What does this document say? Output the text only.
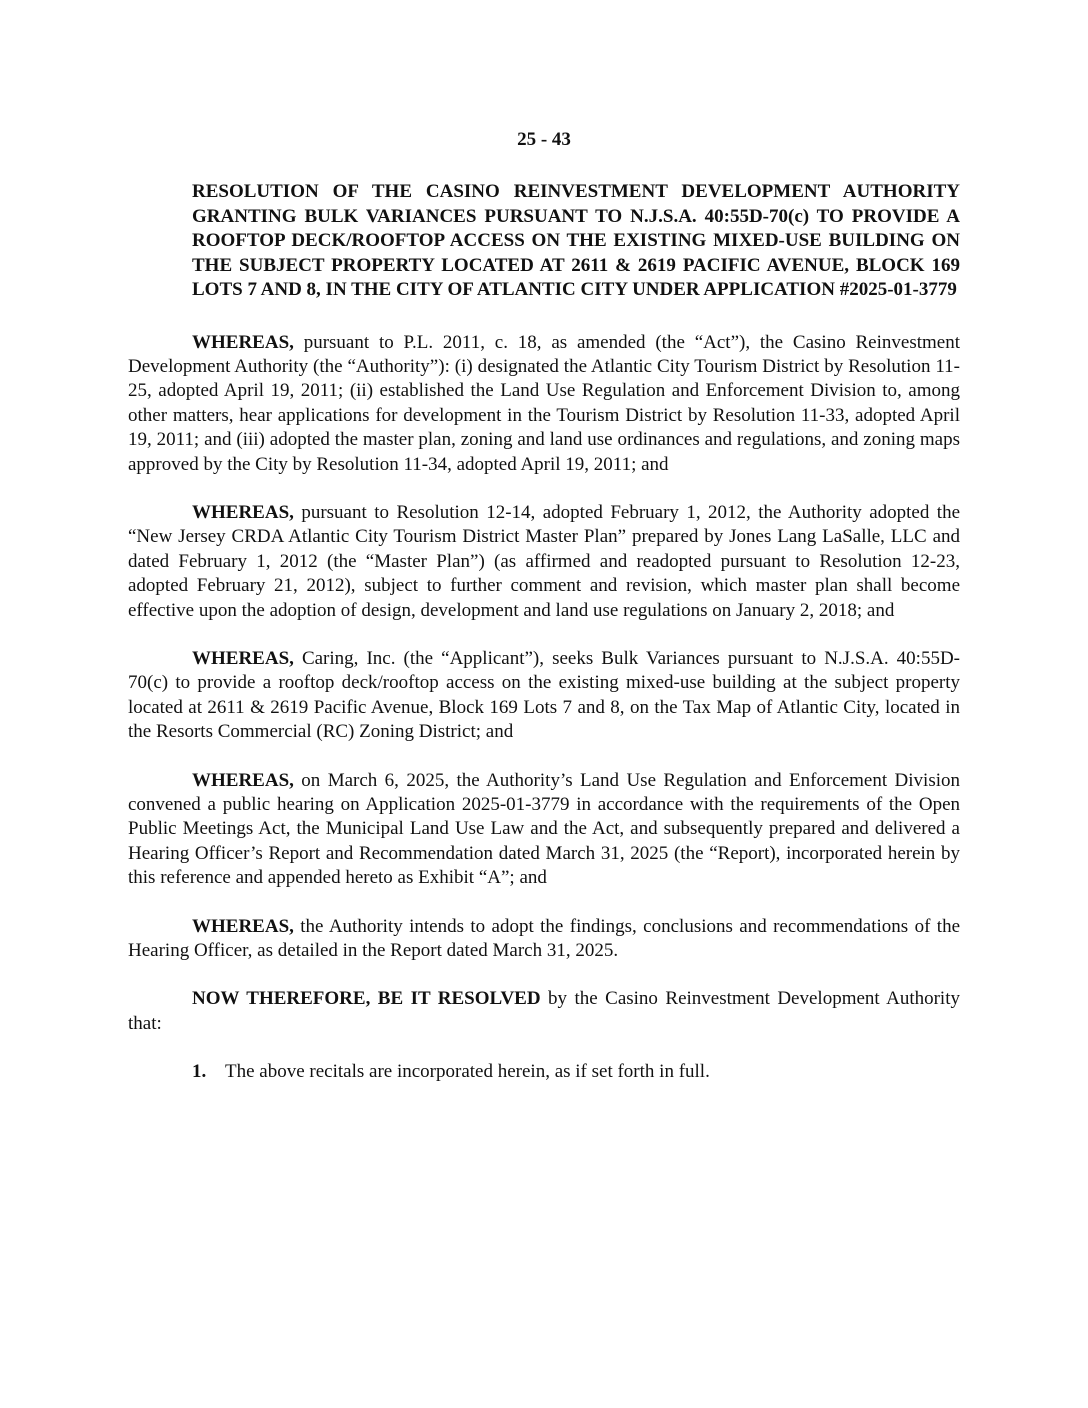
25 - 43
RESOLUTION OF THE CASINO REINVESTMENT DEVELOPMENT AUTHORITY GRANTING BULK VARIANCES PURSUANT TO N.J.S.A. 40:55D-70(c) TO PROVIDE A ROOFTOP DECK/ROOFTOP ACCESS ON THE EXISTING MIXED-USE BUILDING ON THE SUBJECT PROPERTY LOCATED AT 2611 & 2619 PACIFIC AVENUE, BLOCK 169 LOTS 7 AND 8, IN THE CITY OF ATLANTIC CITY UNDER APPLICATION #2025-01-3779

WHEREAS, pursuant to P.L. 2011, c. 18, as amended (the “Act”), the Casino Reinvestment Development Authority (the “Authority”): (i) designated the Atlantic City Tourism District by Resolution 11-25, adopted April 19, 2011; (ii) established the Land Use Regulation and Enforcement Division to, among other matters, hear applications for development in the Tourism District by Resolution 11-33, adopted April 19, 2011; and (iii) adopted the master plan, zoning and land use ordinances and regulations, and zoning maps approved by the City by Resolution 11-34, adopted April 19, 2011; and

WHEREAS, pursuant to Resolution 12-14, adopted February 1, 2012, the Authority adopted the “New Jersey CRDA Atlantic City Tourism District Master Plan” prepared by Jones Lang LaSalle, LLC and dated February 1, 2012 (the “Master Plan”) (as affirmed and readopted pursuant to Resolution 12-23, adopted February 21, 2012), subject to further comment and revision, which master plan shall become effective upon the adoption of design, development and land use regulations on January 2, 2018; and

WHEREAS, Caring, Inc. (the “Applicant”), seeks Bulk Variances pursuant to N.J.S.A. 40:55D-70(c) to provide a rooftop deck/rooftop access on the existing mixed-use building at the subject property located at 2611 & 2619 Pacific Avenue, Block 169 Lots 7 and 8, on the Tax Map of Atlantic City, located in the Resorts Commercial (RC) Zoning District; and

WHEREAS, on March 6, 2025, the Authority’s Land Use Regulation and Enforcement Division convened a public hearing on Application 2025-01-3779 in accordance with the requirements of the Open Public Meetings Act, the Municipal Land Use Law and the Act, and subsequently prepared and delivered a Hearing Officer’s Report and Recommendation dated March 31, 2025 (the “Report), incorporated herein by this reference and appended hereto as Exhibit “A”; and

WHEREAS, the Authority intends to adopt the findings, conclusions and recommendations of the Hearing Officer, as detailed in the Report dated March 31, 2025.

NOW THEREFORE, BE IT RESOLVED by the Casino Reinvestment Development Authority that:

1. The above recitals are incorporated herein, as if set forth in full.
